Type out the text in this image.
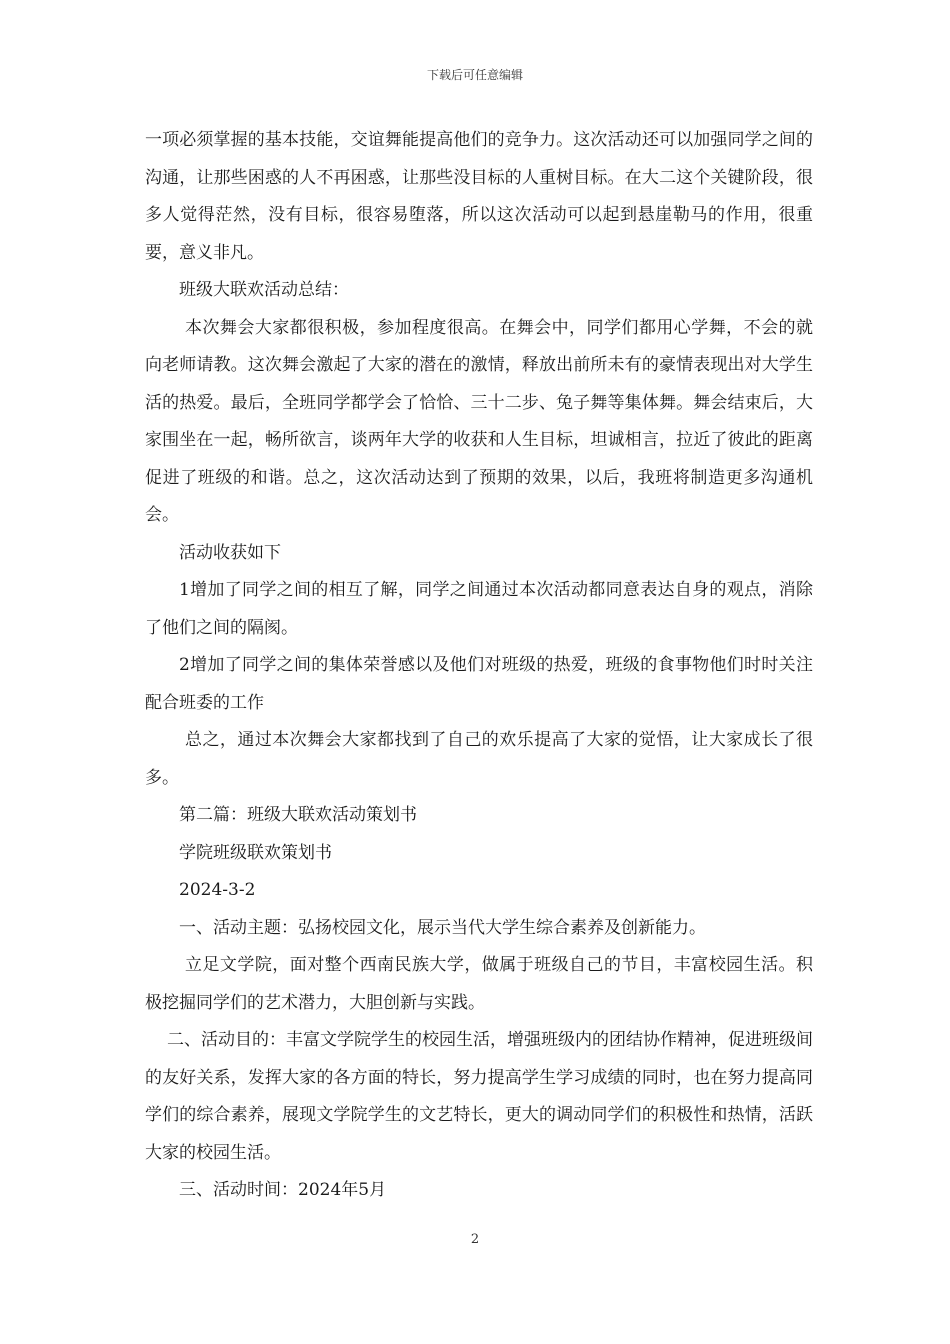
下载后可任意编辑

一项必须掌握的基本技能，交谊舞能提高他们的竞争力。这次活动还可以加强同学之间的沟通，让那些困惑的人不再困惑，让那些没目标的人重树目标。在大二这个关键阶段，很多人觉得茫然，没有目标，很容易堕落，所以这次活动可以起到悬崖勒马的作用，很重要，意义非凡。

班级大联欢活动总结：

本次舞会大家都很积极，参加程度很高。在舞会中，同学们都用心学舞，不会的就向老师请教。这次舞会激起了大家的潜在的激情，释放出前所未有的豪情表现出对大学生活的热爱。最后，全班同学都学会了恰恰、三十二步、兔子舞等集体舞。舞会结束后，大家围坐在一起，畅所欲言，谈两年大学的收获和人生目标，坦诚相言，拉近了彼此的距离促进了班级的和谐。总之，这次活动达到了预期的效果，以后，我班将制造更多沟通机会。

活动收获如下

1增加了同学之间的相互了解，同学之间通过本次活动都同意表达自身的观点，消除了他们之间的隔阂。

2增加了同学之间的集体荣誉感以及他们对班级的热爱，班级的食事物他们时时关注配合班委的工作

总之，通过本次舞会大家都找到了自己的欢乐提高了大家的觉悟，让大家成长了很多。

第二篇：班级大联欢活动策划书

学院班级联欢策划书

2024-3-2

一、活动主题：弘扬校园文化，展示当代大学生综合素养及创新能力。

立足文学院，面对整个西南民族大学，做属于班级自己的节目，丰富校园生活。积极挖掘同学们的艺术潜力，大胆创新与实践。

二、活动目的：丰富文学院学生的校园生活，增强班级内的团结协作精神，促进班级间的友好关系，发挥大家的各方面的特长，努力提高学生学习成绩的同时，也在努力提高同学们的综合素养，展现文学院学生的文艺特长，更大的调动同学们的积极性和热情，活跃大家的校园生活。

三、活动时间：2024年5月

2
